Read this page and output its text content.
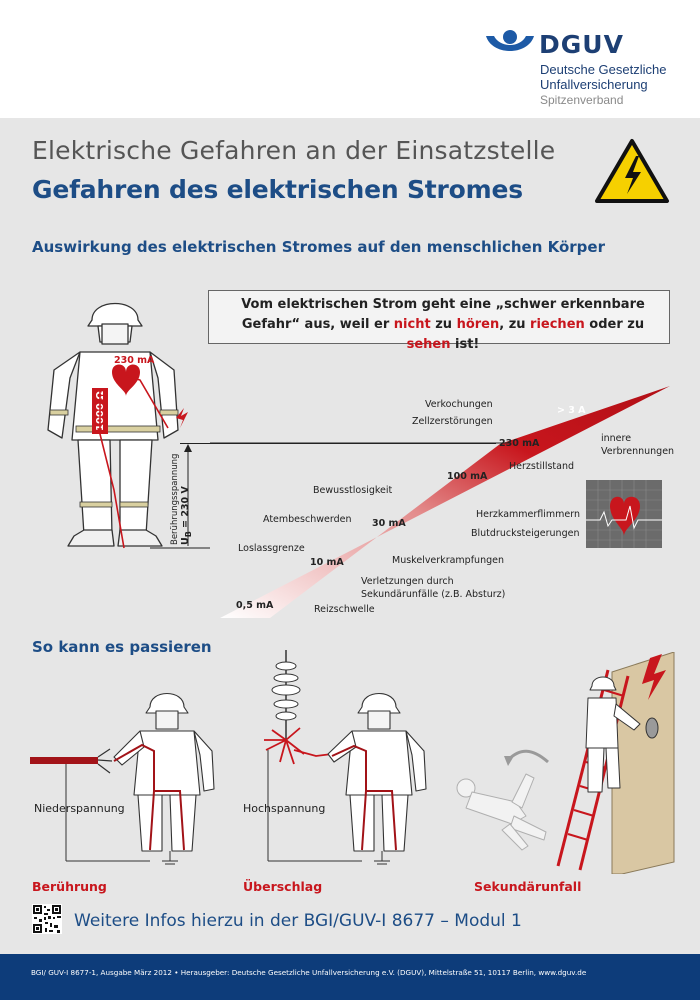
DGUV
Deutsche Gesetzliche
Unfallversicherung
Spitzenverband
Elektrische Gefahren an der Einsatzstelle
Gefahren des elektrischen Stromes
Auswirkung des elektrischen Stromes auf den menschlichen Körper
Vom elektrischen Strom geht eine „schwer erkennbare Gefahr“ aus, weil er nicht zu hören, zu riechen oder zu sehen ist!
1000 Ω
230 mA
Berührungsspannung $U_B = 230$ V
0,5 mA
10 mA
30 mA
100 mA
230 mA
> 3 A
Verkochungen
Zellzerstörungen
Bewusstlosigkeit
Atembeschwerden
Loslassgrenze
innere
Verbrennungen
Herzstillstand
Herzkammerflimmern
Blutdrucksteigerungen
Muskelverkrampfungen
Verletzungen durch
Sekundärunfälle (z.B. Absturz)
Reizschwelle
So kann es passieren
Niederspannung
Berührung
Hochspannung
Überschlag	Sekundärunfall
Weitere Infos hierzu in der BGI/GUV-I 8677 – Modul 1
BGI/ GUV-I 8677-1, Ausgabe März 2012 • Herausgeber: Deutsche Gesetzliche Unfallversicherung e.V. (DGUV), Mittelstraße 51, 10117 Berlin, www.dguv.de
